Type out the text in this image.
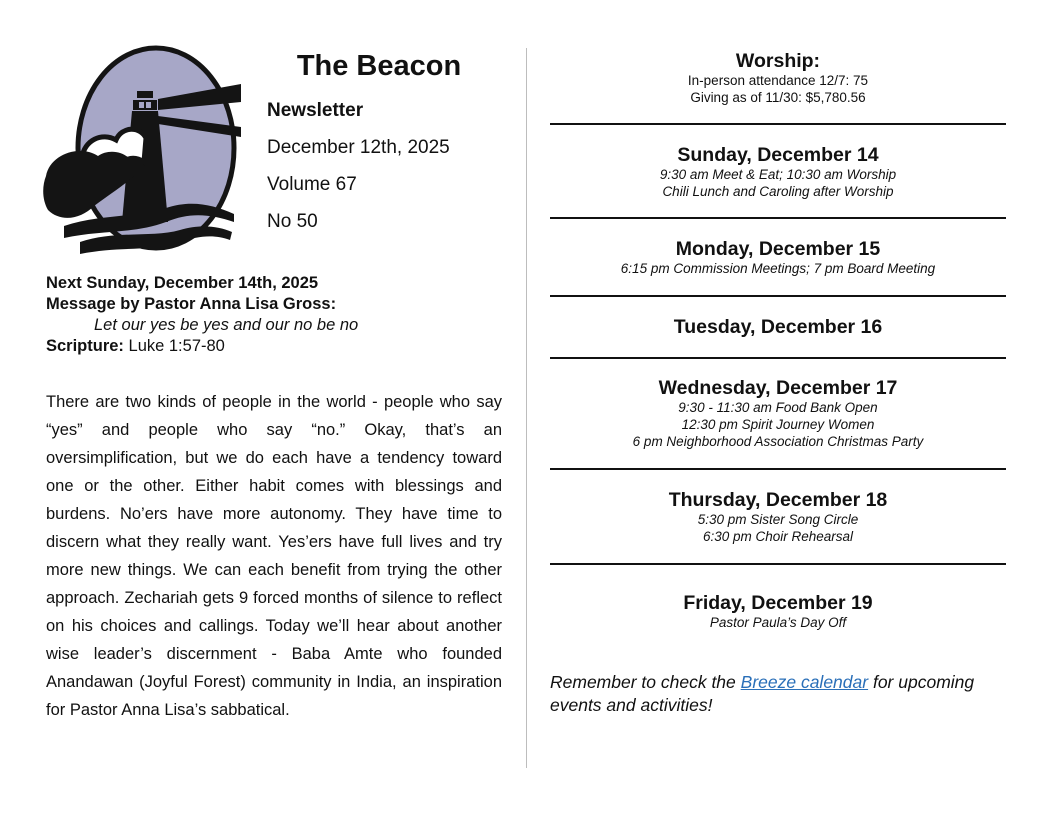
The Beacon
Newsletter
December 12th, 2025
Volume 67
No 50
Next Sunday, December 14th, 2025
Message by Pastor Anna Lisa Gross:
Let our yes be yes and our no be no
Scripture: Luke 1:57-80
There are two kinds of people in the world - people who say “yes” and people who say “no.” Okay, that’s an oversimplification, but we do each have a tendency toward one or the other. Either habit comes with blessings and burdens. No’ers have more autonomy. They have time to discern what they really want. Yes’ers have full lives and try more new things. We can each benefit from trying the other approach. Zechariah gets 9 forced months of silence to reflect on his choices and callings. Today we’ll hear about another wise leader’s discernment - Baba Amte who founded Anandawan (Joyful Forest) community in India, an inspiration for Pastor Anna Lisa’s sabbatical.
Worship:
In-person attendance 12/7: 75
Giving as of 11/30: $5,780.56
Sunday, December 14
9:30 am Meet & Eat; 10:30 am Worship
Chili Lunch and Caroling after Worship
Monday, December 15
6:15 pm Commission Meetings; 7 pm Board Meeting
Tuesday, December 16
Wednesday, December 17
9:30 - 11:30 am Food Bank Open
12:30 pm Spirit Journey Women
6 pm Neighborhood Association Christmas Party
Thursday, December 18
5:30 pm Sister Song Circle
6:30 pm Choir Rehearsal
Friday, December 19
Pastor Paula’s Day Off
Remember to check the Breeze calendar for upcoming events and activities!
